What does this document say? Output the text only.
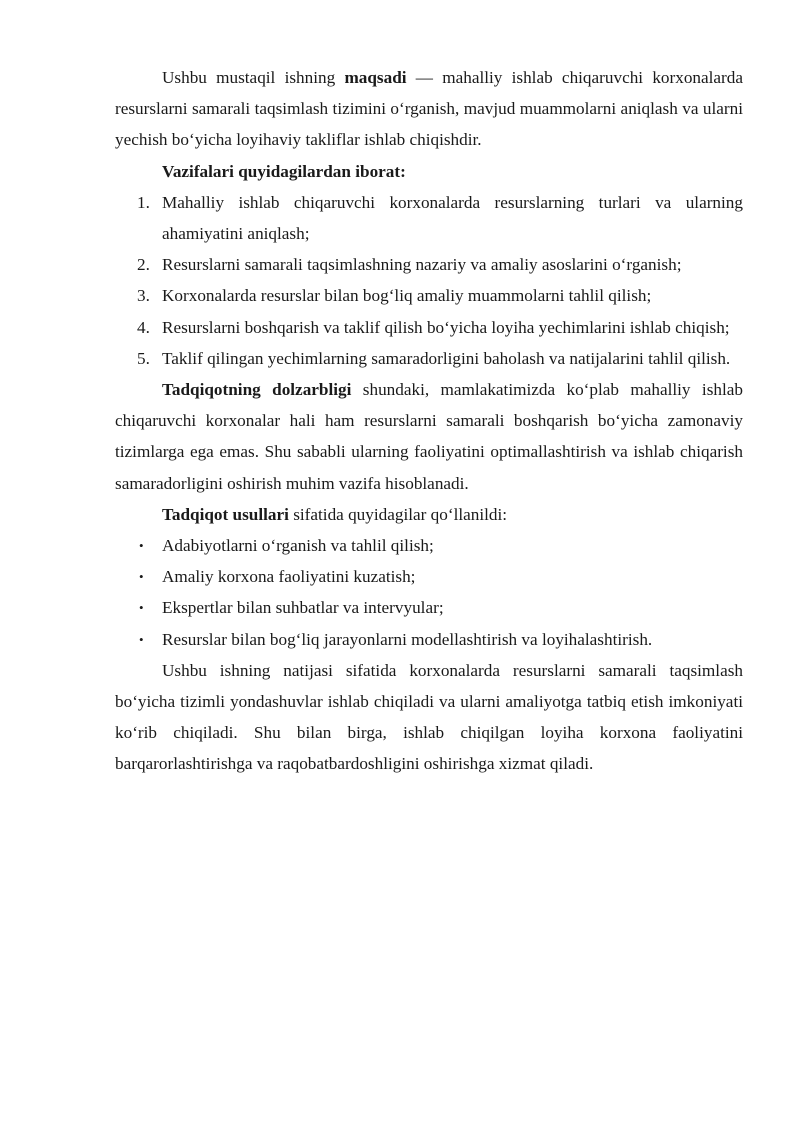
Ushbu mustaqil ishning maqsadi — mahalliy ishlab chiqaruvchi korxonalarda resurslarni samarali taqsimlash tizimini o‘rganish, mavjud muammolarni aniqlash va ularni yechish bo‘yicha loyihaviy takliflar ishlab chiqishdir.

Vazifalari quyidagilardan iborat:

1. Mahalliy ishlab chiqaruvchi korxonalarda resurslarning turlari va ularning ahamiyatini aniqlash;
2. Resurslarni samarali taqsimlashning nazariy va amaliy asoslarini o‘rganish;
3. Korxonalarda resurslar bilan bog‘liq amaliy muammolarni tahlil qilish;
4. Resurslarni boshqarish va taklif qilish bo‘yicha loyiha yechimlarini ishlab chiqish;
5. Taklif qilingan yechimlarning samaradorligini baholash va natijalarini tahlil qilish.

Tadqiqotning dolzarbligi shundaki, mamlakatimizda ko‘plab mahalliy ishlab chiqaruvchi korxonalar hali ham resurslarni samarali boshqarish bo‘yicha zamonaviy tizimlarga ega emas. Shu sababli ularning faoliyatini optimallashtirish va ishlab chiqarish samaradorligini oshirish muhim vazifa hisoblanadi.

Tadqiqot usullari sifatida quyidagilar qo‘llanildi:

• Adabiyotlarni o‘rganish va tahlil qilish;
• Amaliy korxona faoliyatini kuzatish;
• Ekspertlar bilan suhbatlar va intervyular;
• Resurslar bilan bog‘liq jarayonlarni modellashtirish va loyihalashtirish.

Ushbu ishning natijasi sifatida korxonalarda resurslarni samarali taqsimlash bo‘yicha tizimli yondashuvlar ishlab chiqiladi va ularni amaliyotga tatbiq etish imkoniyati ko‘rib chiqiladi. Shu bilan birga, ishlab chiqilgan loyiha korxona faoliyatini barqarorlashtirishga va raqobatbardoshligini oshirishga xizmat qiladi.
